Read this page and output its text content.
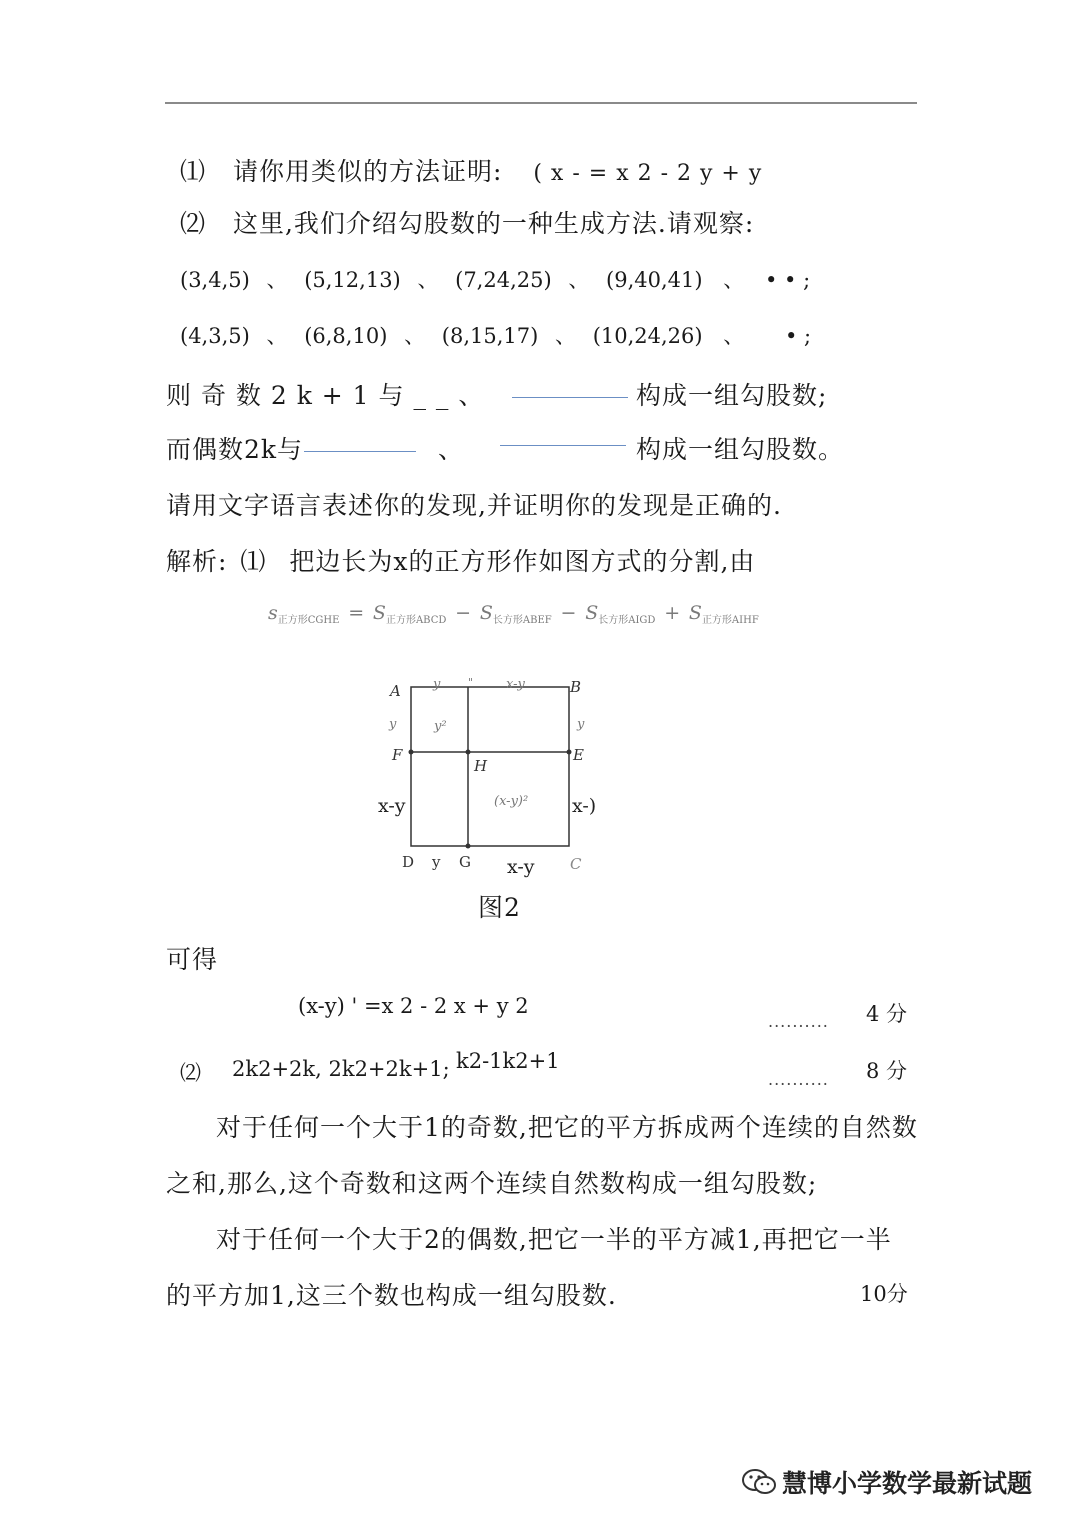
⑴ 请你用类似的方法证明: ( x - = x 2 - 2 y + y
⑵ 这里,我们介绍勾股数的一种生成方法.请观察:
(3,4,5) 、 (5,12,13) 、 (7,24,25) 、 (9,40,41) 、 • • ;
(4,3,5) 、 (6,8,10) 、 (8,15,17) 、 (10,24,26) 、 • ;
则 奇 数 2 k + 1 与 _ _ 、	构成一组勾股数;
而偶数2k与	、	构成一组勾股数。
请用文字语言表述你的发现,并证明你的发现是正确的.
解析: ⑴ 把边长为x的正方形作如图方式的分割,由
$s_{正方形CGHE} = S_{正方形ABCD} - S_{长方形ABEF} - S_{长方形AIGD} + S_{正方形AIHF}$
A	B
C
D
E
F
G
H
y	"	x-y
y	y
y²
(x-y)²
x-y	x-)
y	x-y
图2
可得
(x-y) ' =x 2 - 2 x + y 2
.......... 4 分
⑵ 2k2+2k, 2k2+2k+1; k2-1k2+1
.......... 8 分
对于任何一个大于1的奇数,把它的平方拆成两个连续的自然数
之和,那么,这个奇数和这两个连续自然数构成一组勾股数;
对于任何一个大于2的偶数,把它一半的平方减1,再把它一半
的平方加1,这三个数也构成一组勾股数.	10分
慧博小学数学最新试题
